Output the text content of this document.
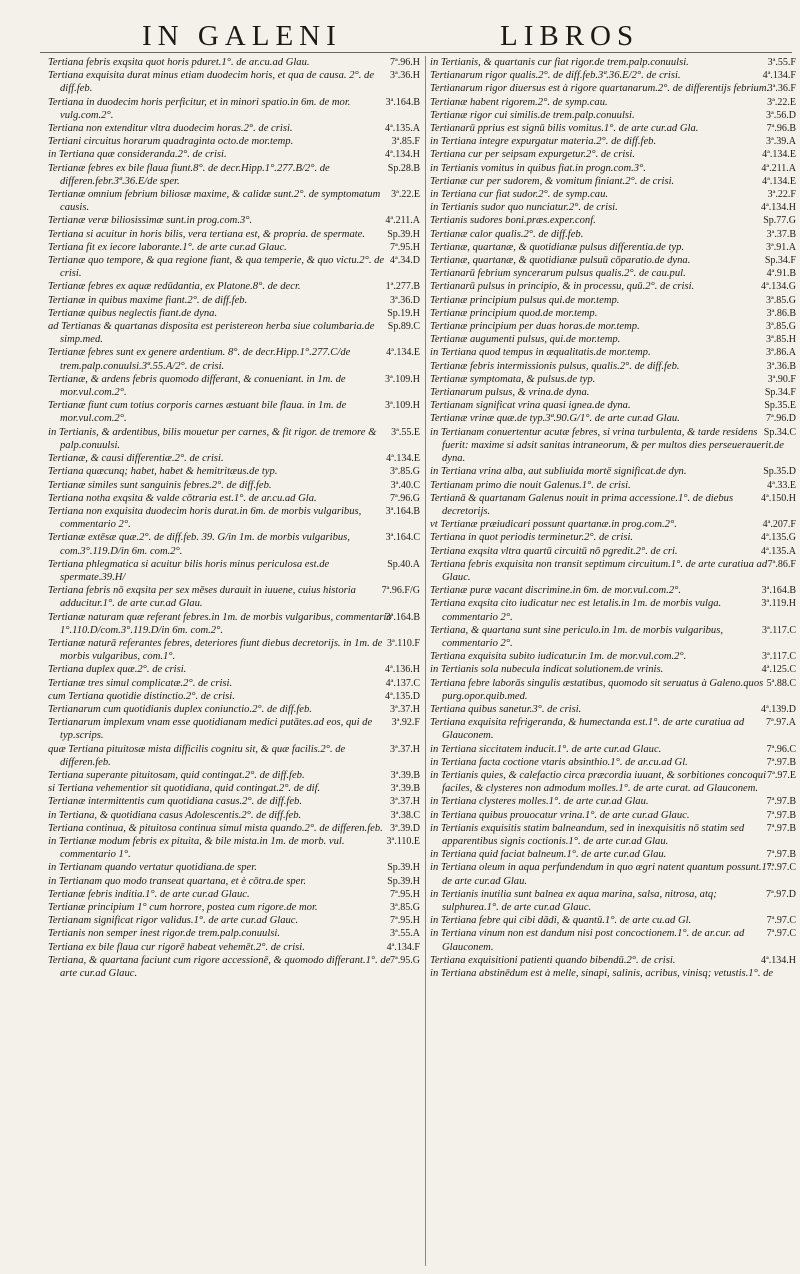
IN GALENI	LIBROS

7ª.96.H
Tertiana febris exqsita quot horis pduret.1°. de ar.cu.ad Glau.

3ª.36.H
Tertiana exquisita durat minus etiam duodecim horis, et qua de causa. 2°. de diff.feb.

3ª.164.B
Tertiana in duodecim horis perficitur, et in minori spatio.in 6m. de mor. vulg.com.2°.

4ª.135.A
Tertiana non extenditur vltra duodecim horas.2°. de crisi.

3ª.85.F
Tertiani circuitus horarum quadraginta octo.de mor.temp.

4ª.134.H
in Tertiana quæ consideranda.2°. de crisi.

Sp.28.B
Tertianæ febres ex bile flaua fiunt.8°. de decr.Hipp.1°.277.B/2°. de differen.febr.3ª.36.E/de sper.

3ª.22.E
Tertianæ omnium febrium biliosæ maxime, & calidæ sunt.2°. de symptomatum causis.

4ª.211.A
Tertianæ veræ biliosissimæ sunt.in prog.com.3°.

Sp.39.H
Tertiana si acuitur in horis bilis, vera tertiana est, & propria. de spermate.

7ª.95.H
Tertiana fit ex iecore laborante.1°. de arte cur.ad Glauc.

4ª.34.D
Tertianæ quo tempore, & qua regione fiant, & qua temperie, & quo victu.2°. de crisi.

1ª.277.B
Tertianæ febres ex aquæ redūdantia, ex Platone.8°. de decr.

3ª.36.D
Tertianæ in quibus maxime fiant.2°. de diff.feb.

Sp.19.H
Tertianæ quibus neglectis fiant.de dyna.

Sp.89.C
ad Tertianas & quartanas disposita est peristereon herba siue columbaria.de simp.med.

4ª.134.E
Tertianæ febres sunt ex genere ardentium. 8°. de decr.Hipp.1°.277.C/de trem.palp.conuulsi.3ª.55.A/2°. de crisi.

3ª.109.H
Tertianæ, & ardens febris quomodo differant, & conueniant. in 1m. de mor.vul.com.2°.

3ª.109.H
Tertianæ fiunt cum totius corporis carnes æstuant bile flaua. in 1m. de mor.vul.com.2°.

3ª.55.E
in Tertianis, & ardentibus, bilis mouetur per carnes, & fit rigor. de tremore & palp.conuulsi.

4ª.134.E
Tertianæ, & causi differentiæ.2°. de crisi.

3ª.85.G
Tertiana quæcunq; habet, habet & hemitritæus.de typ.

3ª.40.C
Tertianæ similes sunt sanguinis febres.2°. de diff.feb.

7ª.96.G
Tertiana notha exqsita & valde cōtraria est.1°. de ar.cu.ad Gla.

3ª.164.B
Tertiana non exquisita duodecim horis durat.in 6m. de morbis vulgaribus, commentario 2°.

3ª.164.C
Tertianæ extēsæ quæ.2°. de diff.feb. 39. G/in 1m. de morbis vulgaribus, com.3°.119.D/in 6m. com.2°.

Sp.40.A
Tertiana phlegmatica si acuitur bilis horis minus periculosa est.de spermate.39.H/

7ª.96.F/G
Tertiana febris nō exqsita per sex mēses durauit in iuuene, cuius historia adducitur.1°. de arte cur.ad Glau.

3ª.164.B
Tertianæ naturam quæ referant febres.in 1m. de morbis vulgaribus, commentario 1°.110.D/com.3°.119.D/in 6m. com.2°.

3ª.110.F
Tertianæ naturā referantes febres, deteriores fiunt diebus decretorijs. in 1m. de morbis vulgaribus, com.1°.

4ª.136.H
Tertiana duplex quæ.2°. de crisi.

4ª.137.C
Tertianæ tres simul complicatæ.2°. de crisi.

4ª.135.D
cum Tertiana quotidie distinctio.2°. de crisi.

3ª.37.H
Tertianarum cum quotidianis duplex coniunctio.2°. de diff.feb.

3ª.92.F
Tertianarum implexum vnam esse quotidianam medici putātes.ad eos, qui de typ.scrips.

3ª.37.H
quæ Tertiana pituitosæ mista difficilis cognitu sit, & quæ facilis.2°. de differen.feb.

3ª.39.B
Tertiana superante pituitosam, quid contingat.2°. de diff.feb.

3ª.39.B
si Tertiana vehementior sit quotidiana, quid contingat.2°. de dif.

3ª.37.H
Tertianæ intermittentis cum quotidiana casus.2°. de diff.feb.

3ª.38.C
in Tertiana, & quotidiana casus Adolescentis.2°. de diff.feb.

3ª.39.D
Tertiana continua, & pituitosa continua simul mista quando.2°. de differen.feb.

3ª.110.E
in Tertianæ modum febris ex pituita, & bile mista.in 1m. de morb. vul. commentario 1°.

Sp.39.H
in Tertianam quando vertatur quotidiana.de sper.

Sp.39.H
in Tertianam quo modo transeat quartana, et è cōtra.de sper.

7ª.95.H
Tertianæ febris inditia.1°. de arte cur.ad Glauc.

3ª.85.G
Tertianæ principium 1° cum horrore, postea cum rigore.de mor.

7ª.95.H
Tertianam significat rigor validus.1°. de arte cur.ad Glauc.

3ª.55.A
Tertianis non semper inest rigor.de trem.palp.conuulsi.

4ª.134.F
Tertiana ex bile flaua cur rigorē habeat vehemēt.2°. de crisi.

7ª.95.G
Tertiana, & quartana faciunt cum rigore accessionē, & quomodo differant.1°. de arte cur.ad Glauc.

3ª.55.F
in Tertianis, & quartanis cur fiat rigor.de trem.palp.conuulsi.

4ª.134.F
Tertianarum rigor qualis.2°. de diff.feb.3ª.36.E/2°. de crisi.

3ª.36.F
Tertianarum rigor diuersus est à rigore quartanarum.2°. de differentijs febrium.

3ª.22.E
Tertianæ habent rigorem.2°. de symp.cau.

3ª.56.D
Tertianæ rigor cui similis.de trem.palp.conuulsi.

7ª.96.B
Tertianarū pprius est signū bilis vomitus.1°. de arte cur.ad Gla.

3ª.39.A
in Tertiana integre expurgatur materia.2°. de diff.feb.

4ª.134.E
Tertiana cur per seipsam expurgetur.2°. de crisi.

4ª.211.A
in Tertianis vomitus in quibus fiat.in progn.com.3°.

4ª.134.E
Tertianæ cur per sudorem, & vomitum finiant.2°. de crisi.

3ª.22.F
in Tertiana cur fiat sudor.2°. de symp.cau.

4ª.134.H
in Tertianis sudor quo nunciatur.2°. de crisi.

Sp.77.G
Tertianis sudores boni.præs.exper.conf.

3ª.37.B
Tertianæ calor qualis.2°. de diff.feb.

3ª.91.A
Tertianæ, quartanæ, & quotidianæ pulsus differentia.de typ.

Sp.34.F
Tertianæ, quartanæ, & quotidianæ pulsuū cōparatio.de dyna.

4ª.91.B
Tertianarū febrium syncerarum pulsus qualis.2°. de cau.pul.

4ª.134.G
Tertianarū pulsus in principio, & in processu, quū.2°. de crisi.

3ª.85.G
Tertianæ principium pulsus qui.de mor.temp.

3ª.86.B
Tertianæ principium quod.de mor.temp.

3ª.85.G
Tertianæ principium per duas horas.de mor.temp.

3ª.85.H
Tertianæ augumenti pulsus, qui.de mor.temp.

3ª.86.A
in Tertiana quod tempus in æqualitatis.de mor.temp.

3ª.36.B
Tertianæ febris intermissionis pulsus, qualis.2°. de diff.feb.

3ª.90.F
Tertianæ symptomata, & pulsus.de typ.

Sp.34.F
Tertianarum pulsus, & vrina.de dyna.

Sp.35.E
Tertianam significat vrina quasi ignea.de dyna.

7ª.96.D
Tertianæ vrinæ quæ.de typ.3ª.90.G/1°. de arte cur.ad Glau.

Sp.34.C
in Tertianam conuertentur acutæ febres, si vrina turbulenta, & tarde residens fuerit: maxime si adsit sanitas intraneorum, & per multos dies perseuerauerit.de dyna.

Sp.35.D
in Tertiana vrina alba, aut subliuida mortē significat.de dyn.

4ª.33.E
Tertianam primo die nouit Galenus.1°. de crisi.

4ª.150.H
Tertianā & quartanam Galenus nouit in prima accessione.1°. de diebus decretorijs.

4ª.207.F
vt Tertianæ præiudicari possunt quartanæ.in prog.com.2°.

4ª.135.G
Tertiana in quot periodis terminetur.2°. de crisi.

4ª.135.A
Tertiana exqsita vltra quartū circuitū nō pgredit.2°. de cri.

7ª.86.F
Tertiana febris exquisita non transit septimum circuitum.1°. de arte curatiua ad Glauc.

3ª.164.B
Tertianæ puræ vacant discrimine.in 6m. de mor.vul.com.2°.

3ª.119.H
Tertiana exqsita cito iudicatur nec est letalis.in 1m. de morbis vulga. commentario 2°.

3ª.117.C
Tertiana, & quartana sunt sine periculo.in 1m. de morbis vulgaribus, commentario 2°.

3ª.117.C
Tertiana exquisita subito iudicatur.in 1m. de mor.vul.com.2°.

4ª.125.C
in Tertianis sola nubecula indicat solutionem.de vrinis.

5ª.88.C
Tertiana febre laborās singulis æstatibus, quomodo sit seruatus à Galeno.quos purg.opor.quib.med.

4ª.139.D
Tertiana quibus sanetur.3°. de crisi.

7ª.97.A
Tertiana exquisita refrigeranda, & humectanda est.1°. de arte curatiua ad Glauconem.

7ª.96.C
in Tertiana siccitatem inducit.1°. de arte cur.ad Glauc.

7ª.97.B
in Tertiana facta coctione vtaris absinthio.1°. de ar.cu.ad Gl.

7ª.97.E
in Tertianis quies, & calefactio circa præcordia iuuant, & sorbitiones concoqui faciles, & clysteres non admodum molles.1°. de arte curat. ad Glauconem.

7ª.97.B
in Tertiana clysteres molles.1°. de arte cur.ad Glau.

7ª.97.B
in Tertiana quibus prouocatur vrina.1°. de arte cur.ad Glauc.

7ª.97.B
in Tertianis exquisitis statim balneandum, sed in inexquisitis nō statim sed apparentibus signis coctionis.1°. de arte cur.ad Glau.

7ª.97.B
in Tertiana quid faciat balneum.1°. de arte cur.ad Glau.

7ª.97.C
in Tertiana oleum in aqua perfundendum in quo ægri natent quantum possunt.1°. de arte cur.ad Glau.

7ª.97.D
in Tertianis inutilia sunt balnea ex aqua marina, salsa, nitrosa, atq; sulphurea.1°. de arte cur.ad Glauc.

7ª.97.C
in Tertiana febre qui cibi dādi, & quantū.1°. de arte cu.ad Gl.

7ª.97.C
in Tertiana vinum non est dandum nisi post concoctionem.1°. de ar.cur. ad Glauconem.

4ª.134.H
Tertiana exquisitioni patienti quando bibendū.2°. de crisi.

in Tertiana abstinēdum est à melle, sinapi, salinis, acribus, vinisq; vetustis.1°. de
